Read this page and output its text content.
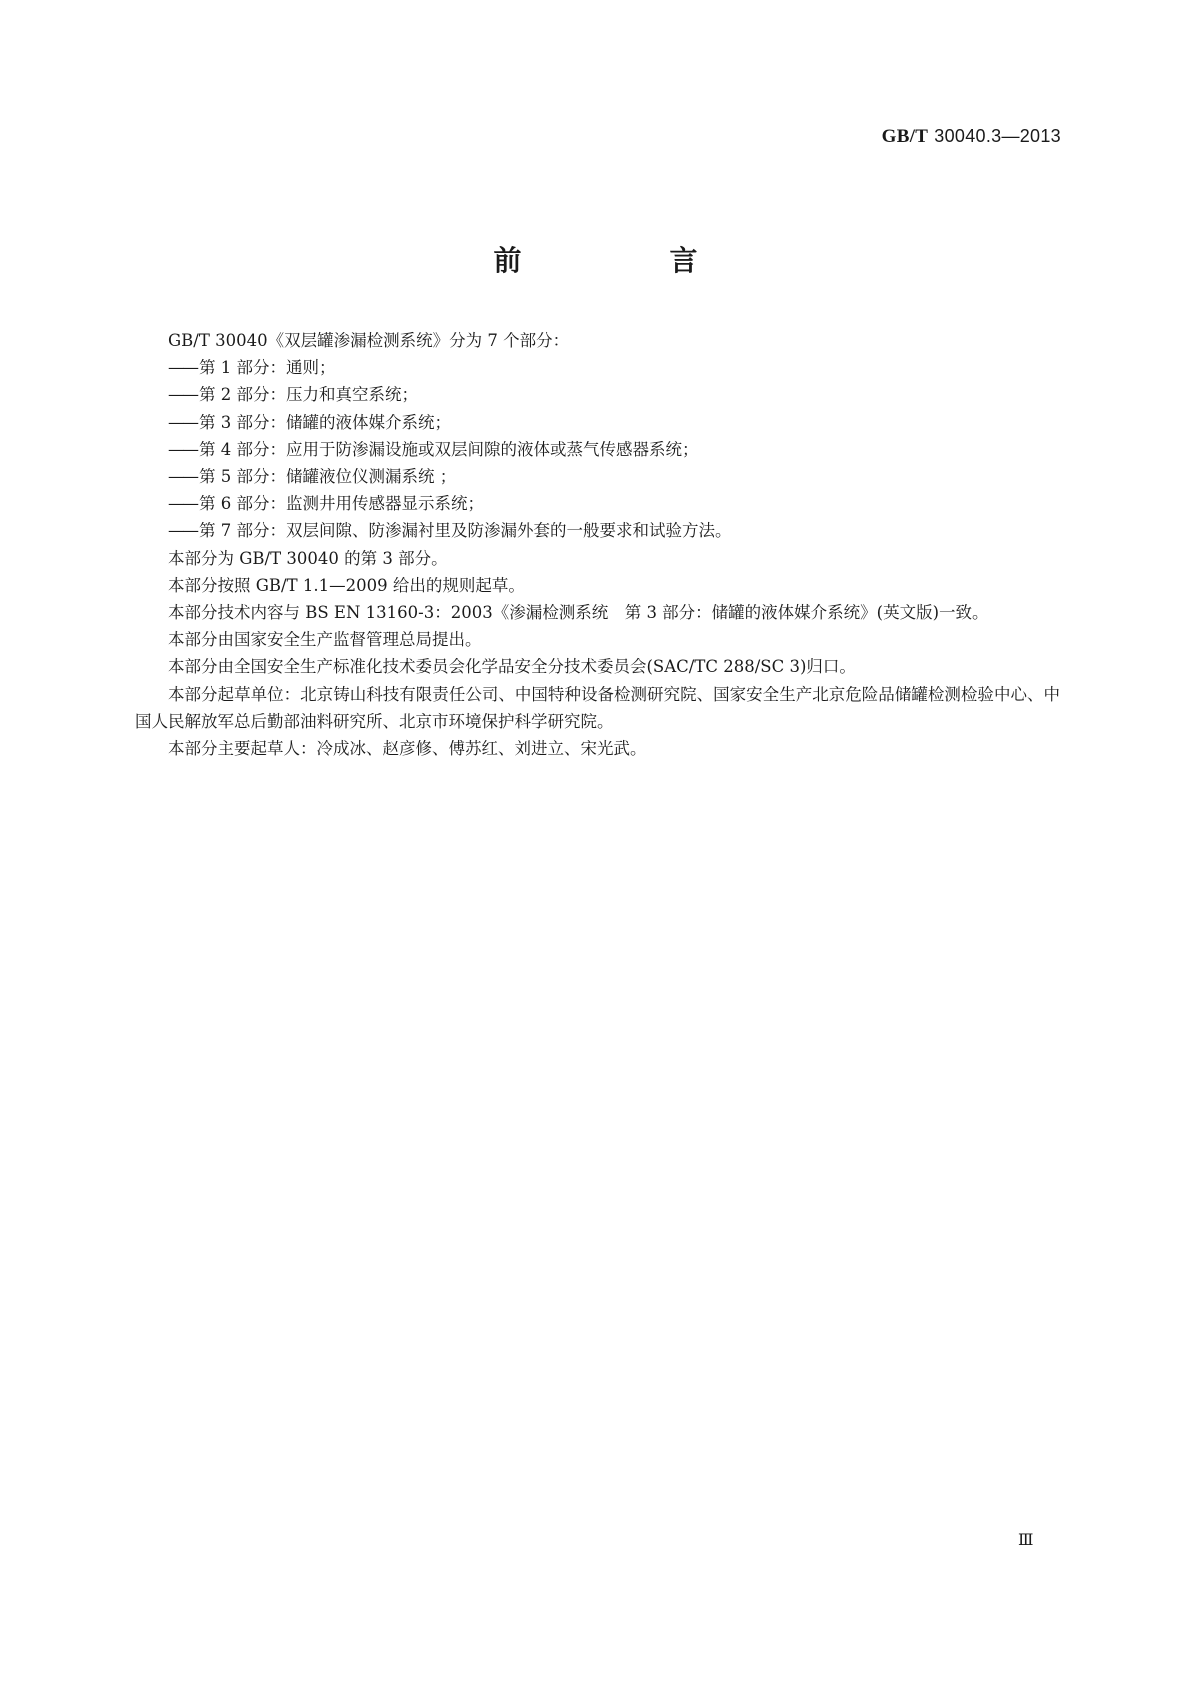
GB/T 30040.3—2013
前　言

GB/T 30040《双层罐渗漏检测系统》分为 7 个部分：

—— 第 1 部分：通则；

—— 第 2 部分：压力和真空系统；

—— 第 3 部分：储罐的液体媒介系统；

—— 第 4 部分：应用于防渗漏设施或双层间隙的液体或蒸气传感器系统；

—— 第 5 部分：储罐液位仪测漏系统 ；

—— 第 6 部分：监测井用传感器显示系统；

—— 第 7 部分：双层间隙、防渗漏衬里及防渗漏外套的一般要求和试验方法。

本部分为 GB/T 30040 的第 3 部分。

本部分按照 GB/T 1.1—2009 给出的规则起草。

本部分技术内容与 BS EN 13160-3：2003《渗漏检测系统　第 3 部分：储罐的液体媒介系统》(英文版)一致。

本部分由国家安全生产监督管理总局提出。

本部分由全国安全生产标准化技术委员会化学品安全分技术委员会(SAC/TC 288/SC 3)归口。

本部分起草单位：北京铸山科技有限责任公司、中国特种设备检测研究院、国家安全生产北京危险品储罐检测检验中心、中国人民解放军总后勤部油料研究所、北京市环境保护科学研究院。

本部分主要起草人：冷成冰、赵彦修、傅苏红、刘进立、宋光武。

Ⅲ
